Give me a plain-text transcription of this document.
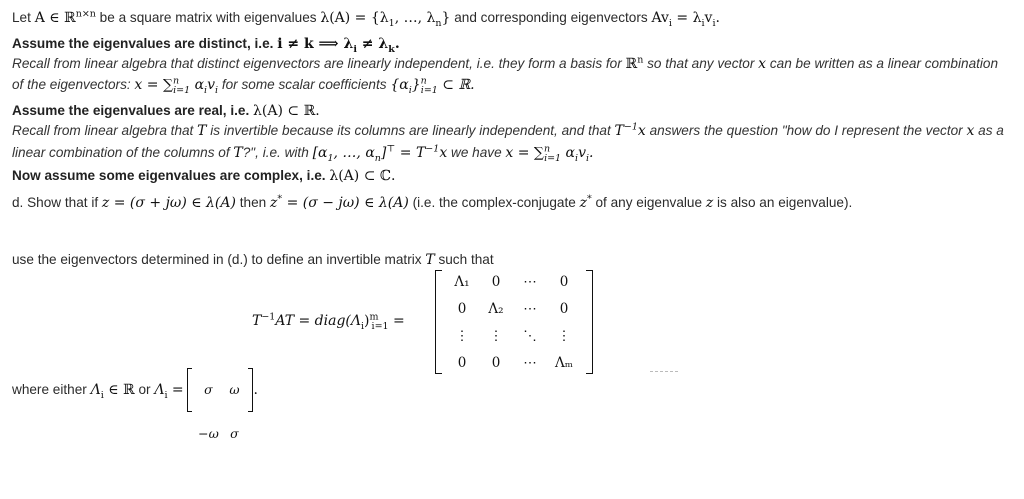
Let A ∈ ℝ$^{n\times n}$ be a square matrix with eigenvalues $\lambda(A) = \{\lambda_1$, …, $\lambda_n$} and corresponding eigenvectors $Av_i = \lambda_iv_i$.
Assume the eigenvalues are distinct, i.e. i ≠ k ⟹ $\lambda_i \ne \lambda_k$.
Recall from linear algebra that distinct eigenvectors are linearly independent, i.e. they form a basis for ℝ$^n$ so that any vector x can be written as a linear combination
of the eigenvectors: x = ∑$^n_{i=1}$ $\alpha_iv_i$ for some scalar coefficients $\{\alpha_i\}^n_{i=1}$ ⊂ ℝ.
Assume the eigenvalues are real, i.e. λ(A) ⊂ ℝ.
Recall from linear algebra that T is invertible because its columns are linearly independent, and that $T^{-1}x$ answers the question "how do I represent the vector x as a
linear combination of the columns of T?", i.e. with [$\alpha_1$, …, $\alpha_n]^⊤ = T^{-1}x$ we have x = ∑$^n_{i=1}$ $\alpha_iv_i$.
Now assume some eigenvalues are complex, i.e. λ(A) ⊂ ℂ.
d. Show that if z = (σ + jω) ∈ λ(A) then z* = (σ − jω) ∈ λ(A) (i.e. the complex-conjugate z* of any eigenvalue z is also an eigenvalue).
use the eigenvectors determined in (d.) to define an invertible matrix T such that
$T^{-1}AT$ = $diag(\Lambda_i)^m_{i=1}$ =
Λ₁	0	⋯	0
0	Λ₂	⋯	0
⋮	⋮	⋱	⋮
0	0	⋯	Λₘ
where either $\Lambda_i$ ∈ ℝ or $\Lambda_i = \sigma$	ω
−ω	σ
.
